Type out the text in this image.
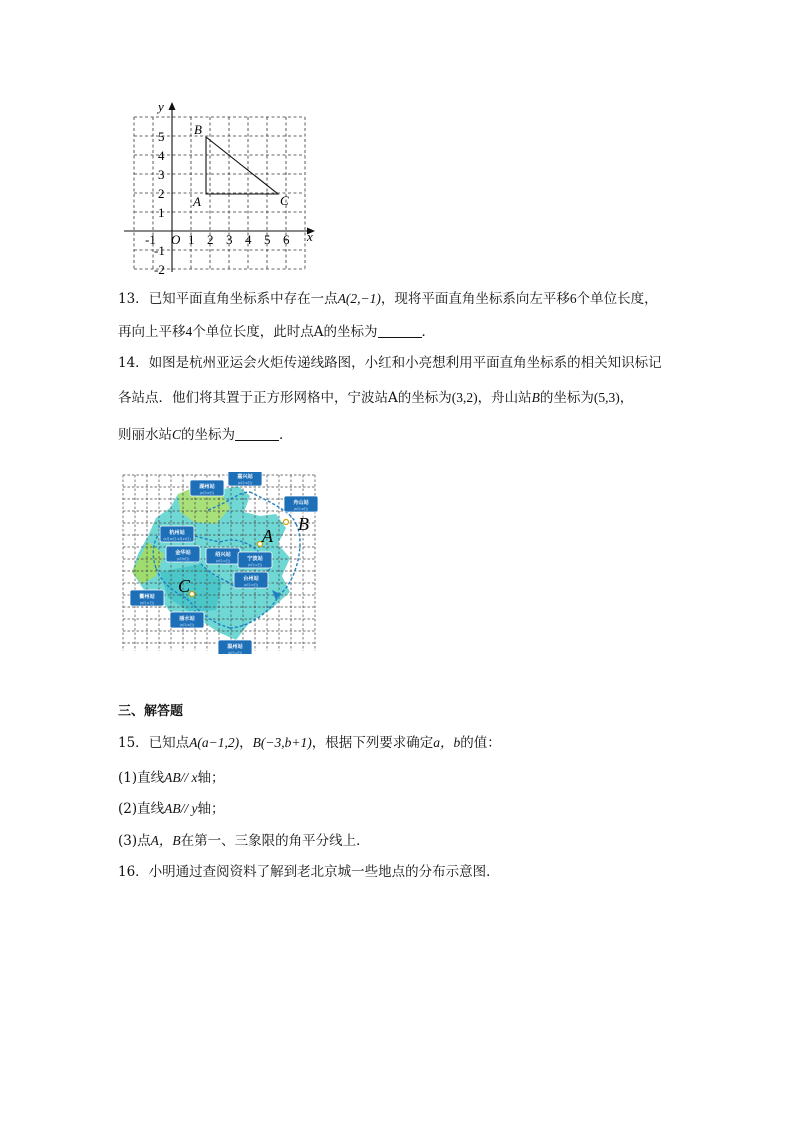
y
x
O
B
A	C
-1 1 2 3 4 5 6
5
4
3
2
1
-1
-2
13．已知平面直角坐标系中存在一点A(2,−1)，现将平面直角坐标系向左平移6个单位长度，
再向上平移4个单位长度，此时点A的坐标为	．
14．如图是杭州亚运会火炬传递线路图，小红和小亮想利用平面直角坐标系的相关知识标记
各站点．他们将其置于正方形网格中，宁波站A的坐标为(3,2)，舟山站B的坐标为(5,3)，
则丽水站C的坐标为	．
湖州站
(9月20日)
嘉兴站
(9月16日)
舟山站
(9月18日)
杭州站
(9月20日-9月23日)
金华站
(9月8日)
绍兴站
(9月14日)	宁波站
(9月12日)
台州站
(9月10日)
衢州站
(9月11日)
丽水站
(9月16日)
温州站
(9月12日)
B
A
C
三、解答题
15．已知点A(a−1,2)，B(−3,b+1)，根据下列要求确定a，b的值：
(1)直线AB// x轴；
(2)直线AB// y轴；
(3)点A，B在第一、三象限的角平分线上．
16．小明通过查阅资料了解到老北京城一些地点的分布示意图．
